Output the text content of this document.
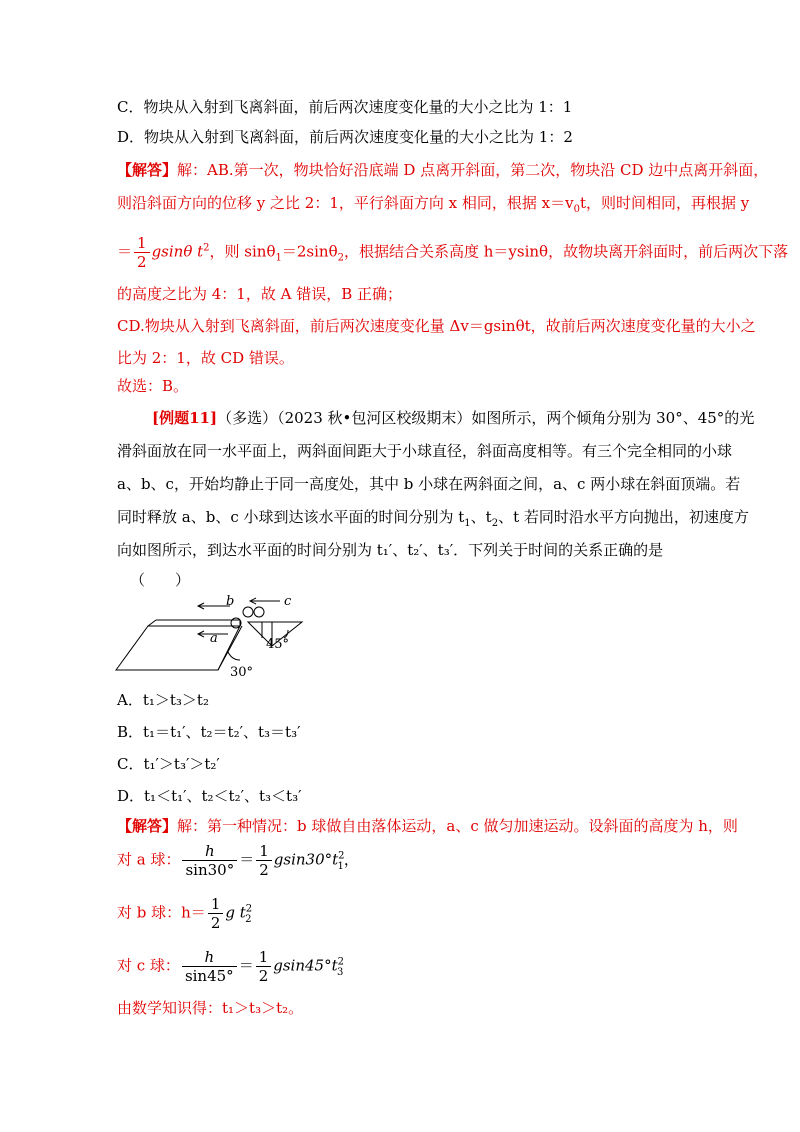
C．物块从入射到飞离斜面，前后两次速度变化量的大小之比为 1：1
D．物块从入射到飞离斜面，前后两次速度变化量的大小之比为 1：2
【解答】解：AB.第一次，物块恰好沿底端 D 点离开斜面，第二次，物块沿 CD 边中点离开斜面，
则沿斜面方向的位移 y 之比 2：1，平行斜面方向 x 相同，根据 $x=v_0t$，则时间相同，再根据 y
＝ $\frac{1}{2}$ gsinθ $t^2$，则 sinθ$_1$＝2sinθ$_2$，根据结合关系高度 h＝ysinθ，故物块离开斜面时，前后两次下落
的高度之比为 4：1，故 A 错误，B 正确；
CD.物块从入射到飞离斜面，前后两次速度变化量 Δv＝gsinθt，故前后两次速度变化量的大小之
比为 2：1，故 CD 错误。
故选：B。
[例题11]（多选）（2023 秋•包河区校级期末）如图所示，两个倾角分别为 30°、45°的光
滑斜面放在同一水平面上，两斜面间距大于小球直径，斜面高度相等。有三个完全相同的小球
a、b、c，开始均静止于同一高度处，其中 b 小球在两斜面之间，a、c 两小球在斜面顶端。若
同时释放 a、b、c 小球到达该水平面的时间分别为 $t_1$、$t_2$、t 若同时沿水平方向抛出，初速度方
向如图所示，到达水平面的时间分别为 t₁′、t₂′、t₃′．下列关于时间的关系正确的是
（　　）
b	c
a	45°
30°
A．t₁＞t₃＞t₂
B．t₁＝t₁′、t₂＝t₂′、t₃＝t₃′
C．t₁′＞t₃′＞t₂′
D．t₁＜t₁′、t₂＜t₂′、t₃＜t₃′
【解答】解：第一种情况：b 球做自由落体运动，a、c 做匀加速运动。设斜面的高度为 h，则
对 a 球： $\frac{h}{\sin 30^\circ} = \frac{1}{2} gsin30^\circ t^2_1$，
对 b 球：$h= \frac{1}{2}$ g $t^2_2$
对 c 球： $\frac{h}{\sin 45^\circ} = \frac{1}{2} gsin45^\circ t^2_3$
由数学知识得：t₁＞t₃＞t₂。
